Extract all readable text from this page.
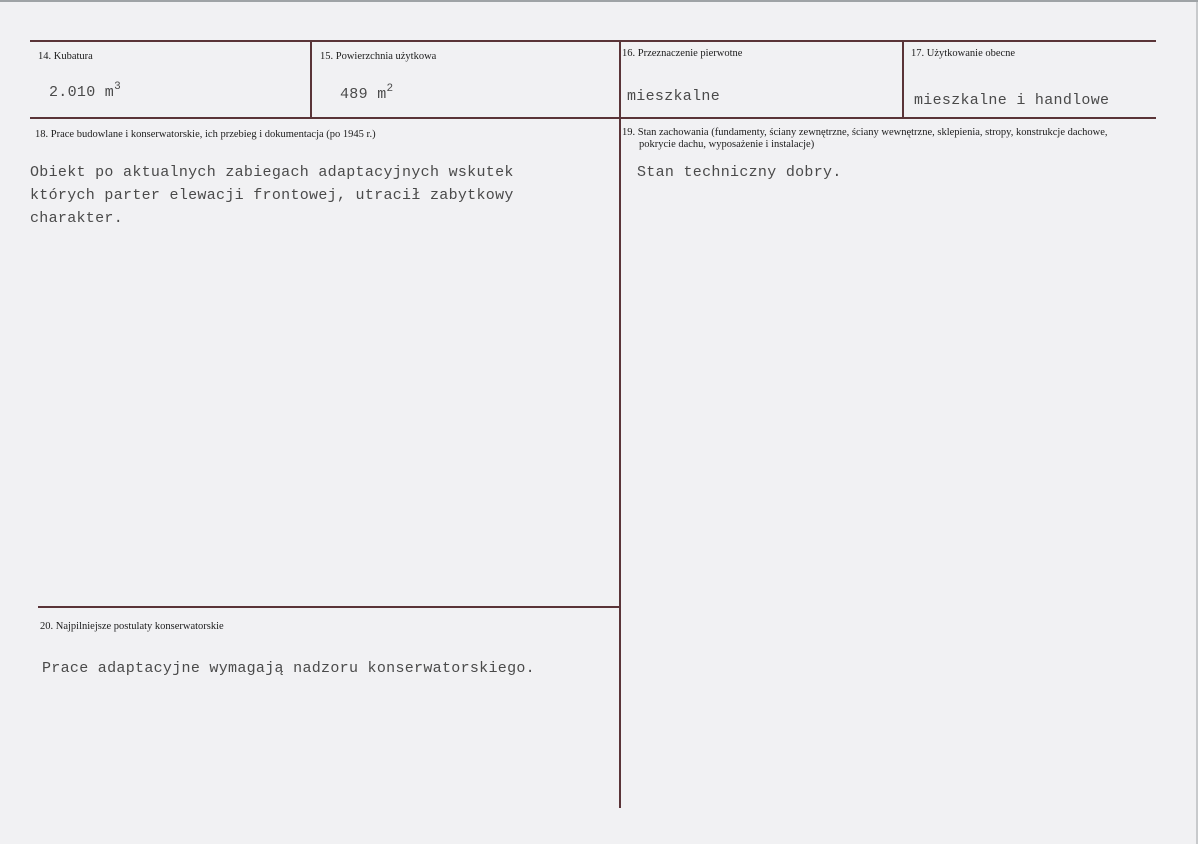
14. Kubatura
2.010 $m^3$
15. Powierzchnia użytkowa
489 $m^2$
16. Przeznaczenie pierwotne
mieszkalne
17. Użytkowanie obecne
mieszkalne i handlowe
18. Prace budowlane i konserwatorskie, ich przebieg i dokumentacja (po 1945 r.)
Obiekt po aktualnych zabiegach adaptacyjnych wskutek
których parter elewacji frontowej, utracił zabytkowy
charakter.
19. Stan zachowania (fundamenty, ściany zewnętrzne, ściany wewnętrzne, sklepienia, stropy, konstrukcje dachowe,
pokrycie dachu, wyposażenie i instalacje)
Stan techniczny dobry.
20. Najpilniejsze postulaty konserwatorskie
Prace adaptacyjne wymagają nadzoru konserwatorskiego.
